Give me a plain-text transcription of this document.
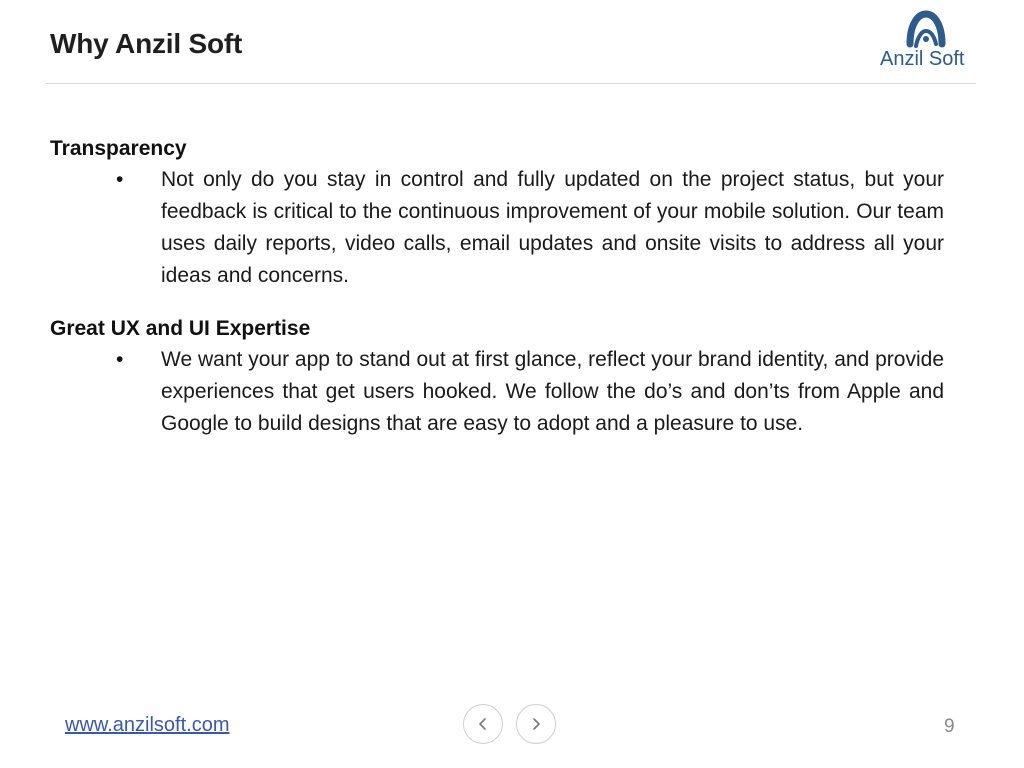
Why Anzil Soft	Anzil Soft
Transparency
• Not only do you stay in control and fully updated on the project status, but your feedback is critical to the continuous improvement of your mobile solution. Our team uses daily reports, video calls, email updates and onsite visits to address all your ideas and concerns.
Great UX and UI Expertise
• We want your app to stand out at first glance, reflect your brand identity, and provide experiences that get users hooked. We follow the do’s and don’ts from Apple and Google to build designs that are easy to adopt and a pleasure to use.
www.anzilsoft.com	9
